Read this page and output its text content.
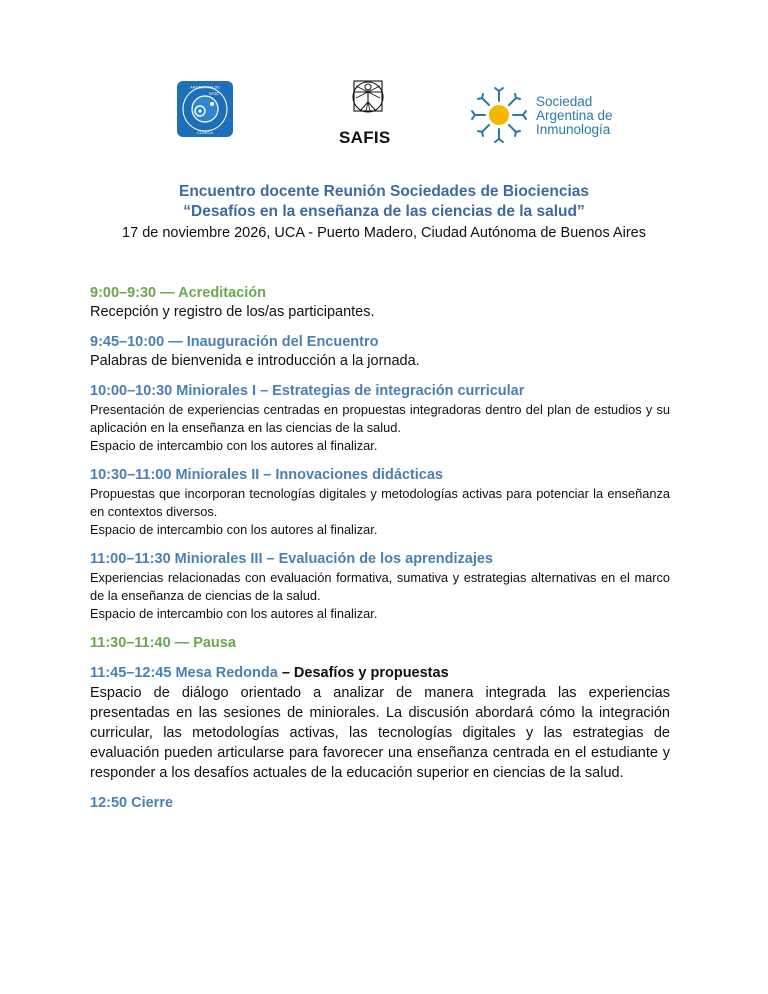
ARGENTINA DE
CLINICA
SAIC
SAFIS
Sociedad
Argentina de
Inmunología
Encuentro docente Reunión Sociedades de Biociencias
“Desafíos en la enseñanza de las ciencias de la salud”
17 de noviembre 2026, UCA - Puerto Madero, Ciudad Autónoma de Buenos Aires
9:00–9:30 — Acreditación
Recepción y registro de los/as participantes.
9:45–10:00 — Inauguración del Encuentro
Palabras de bienvenida e introducción a la jornada.
10:00–10:30 Miniorales I – Estrategias de integración curricular
Presentación de experiencias centradas en propuestas integradoras dentro del plan de estudios y su aplicación en la enseñanza en las ciencias de la salud.
Espacio de intercambio con los autores al finalizar.
10:30–11:00 Miniorales II – Innovaciones didácticas
Propuestas que incorporan tecnologías digitales y metodologías activas para potenciar la enseñanza en contextos diversos.
Espacio de intercambio con los autores al finalizar.
11:00–11:30 Miniorales III – Evaluación de los aprendizajes
Experiencias relacionadas con evaluación formativa, sumativa y estrategias alternativas en el marco de la enseñanza de ciencias de la salud.
Espacio de intercambio con los autores al finalizar.
11:30–11:40 — Pausa
11:45–12:45 Mesa Redonda – Desafíos y propuestas
Espacio de diálogo orientado a analizar de manera integrada las experiencias presentadas en las sesiones de miniorales. La discusión abordará cómo la integración curricular, las metodologías activas, las tecnologías digitales y las estrategias de evaluación pueden articularse para favorecer una enseñanza centrada en el estudiante y responder a los desafíos actuales de la educación superior en ciencias de la salud.
12:50 Cierre
